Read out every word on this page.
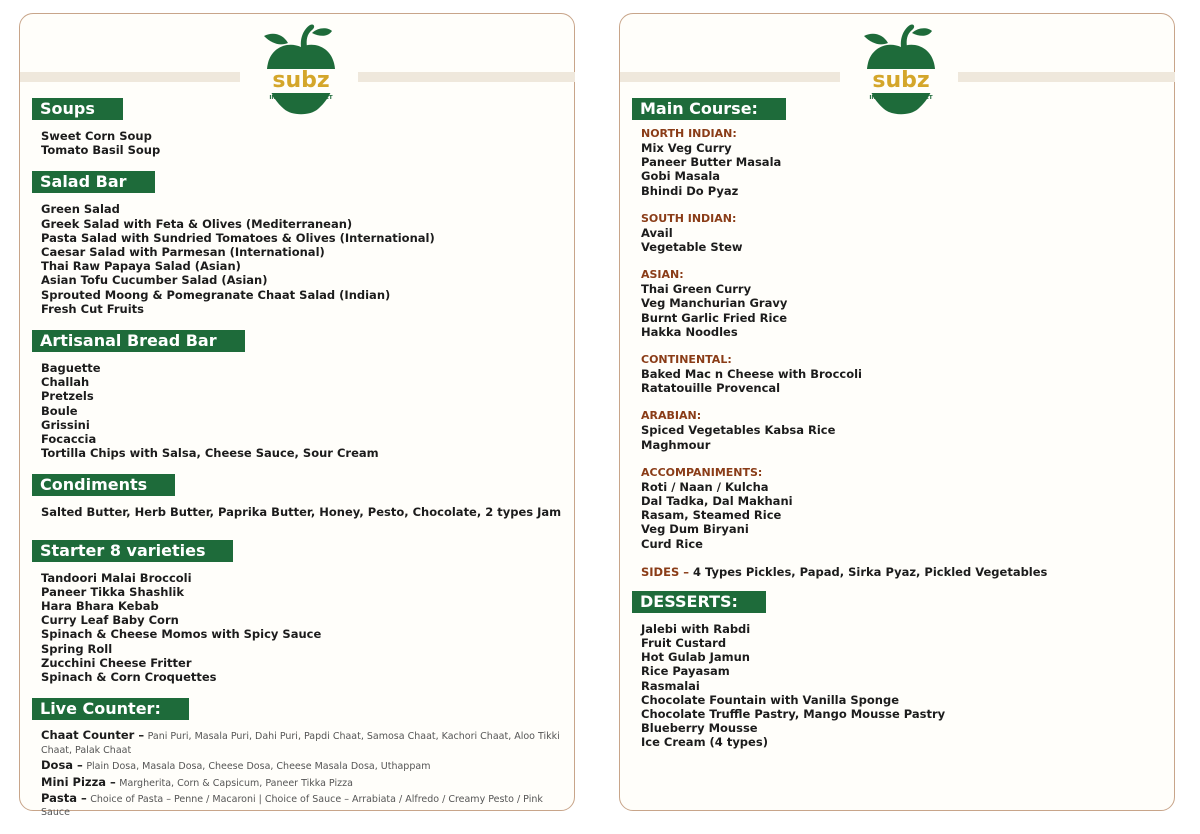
subz
INDIA'S VEG BUFFET
Soups
Sweet Corn Soup
Tomato Basil Soup
Salad Bar
Green Salad
Greek Salad with Feta & Olives (Mediterranean)
Pasta Salad with Sundried Tomatoes & Olives (International)
Caesar Salad with Parmesan (International)
Thai Raw Papaya Salad (Asian)
Asian Tofu Cucumber Salad (Asian)
Sprouted Moong & Pomegranate Chaat Salad (Indian)
Fresh Cut Fruits
Artisanal Bread Bar
Baguette
Challah
Pretzels
Boule
Grissini
Focaccia
Tortilla Chips with Salsa, Cheese Sauce, Sour Cream
Condiments
Salted Butter, Herb Butter, Paprika Butter, Honey, Pesto, Chocolate, 2 types Jam
Starter 8 varieties
Tandoori Malai Broccoli
Paneer Tikka Shashlik
Hara Bhara Kebab
Curry Leaf Baby Corn
Spinach & Cheese Momos with Spicy Sauce
Spring Roll
Zucchini Cheese Fritter
Spinach & Corn Croquettes
Live Counter:
Chaat Counter – Pani Puri, Masala Puri, Dahi Puri, Papdi Chaat, Samosa Chaat, Kachori Chaat, Aloo Tikki Chaat, Palak Chaat
Dosa – Plain Dosa, Masala Dosa, Cheese Dosa, Cheese Masala Dosa, Uthappam
Mini Pizza – Margherita, Corn & Capsicum, Paneer Tikka Pizza
Pasta – Choice of Pasta – Penne / Macaroni | Choice of Sauce – Arrabiata / Alfredo / Creamy Pesto / Pink Sauce
subz
INDIA'S VEG BUFFET
Main Course:
NORTH INDIAN:
Mix Veg Curry
Paneer Butter Masala
Gobi Masala
Bhindi Do Pyaz
SOUTH INDIAN:
Avail
Vegetable Stew
ASIAN:
Thai Green Curry
Veg Manchurian Gravy
Burnt Garlic Fried Rice
Hakka Noodles
CONTINENTAL:
Baked Mac n Cheese with Broccoli
Ratatouille Provencal
ARABIAN:
Spiced Vegetables Kabsa Rice
Maghmour
ACCOMPANIMENTS:
Roti / Naan / Kulcha
Dal Tadka, Dal Makhani
Rasam, Steamed Rice
Veg Dum Biryani
Curd Rice
SIDES – 4 Types Pickles, Papad, Sirka Pyaz, Pickled Vegetables
DESSERTS:
Jalebi with Rabdi
Fruit Custard
Hot Gulab Jamun
Rice Payasam
Rasmalai
Chocolate Fountain with Vanilla Sponge
Chocolate Truffle Pastry, Mango Mousse Pastry
Blueberry Mousse
Ice Cream (4 types)
